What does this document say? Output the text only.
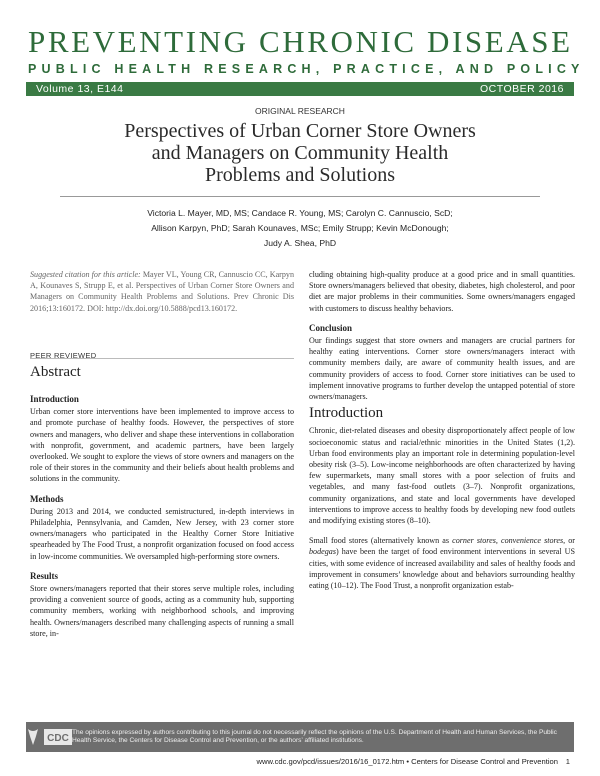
PREVENTING CHRONIC DISEASE
PUBLIC HEALTH RESEARCH, PRACTICE, AND POLICY
Volume 13, E144	OCTOBER 2016
ORIGINAL RESEARCH
Perspectives of Urban Corner Store Owners
and Managers on Community Health
Problems and Solutions
Victoria L. Mayer, MD, MS; Candace R. Young, MS; Carolyn C. Cannuscio, ScD;
Allison Karpyn, PhD; Sarah Kounaves, MSc; Emily Strupp; Kevin McDonough;
Judy A. Shea, PhD
Suggested citation for this article: Mayer VL, Young CR, Cannuscio CC, Karpyn A, Kounaves S, Strupp E, et al. Perspectives of Urban Corner Store Owners and Managers on Community Health Problems and Solutions. Prev Chronic Dis 2016;13:160172. DOI: http://dx.doi.org/10.5888/pcd13.160172.
PEER REVIEWED
Abstract
Introduction

Urban corner store interventions have been implemented to improve access to and promote purchase of healthy foods. However, the perspectives of store owners and managers, who deliver and shape these interventions in collaboration with nonprofit, government, and academic partners, have been largely overlooked. We sought to explore the views of store owners and managers on the role of their stores in the community and their beliefs about health problems and solutions in the community.

Methods

During 2013 and 2014, we conducted semistructured, in-depth interviews in Philadelphia, Pennsylvania, and Camden, New Jersey, with 23 corner store owners/managers who participated in the Healthy Corner Store Initiative spearheaded by The Food Trust, a nonprofit organization focused on food access in low-income communities. We oversampled high-performing store owners.

Results

Store owners/managers reported that their stores serve multiple roles, including providing a convenient source of goods, acting as a community hub, supporting community members, working with neighborhood schools, and improving health. Owners/managers described many challenging aspects of running a small store, in-

cluding obtaining high-quality produce at a good price and in small quantities. Store owners/managers believed that obesity, diabetes, high cholesterol, and poor diet are major problems in their communities. Some owners/managers engaged with customers to discuss healthy behaviors.

Conclusion

Our findings suggest that store owners and managers are crucial partners for healthy eating interventions. Corner store owners/managers interact with community members daily, are aware of community health issues, and are community providers of access to food. Corner store initiatives can be used to implement innovative programs to further develop the untapped potential of store owners/managers.

Introduction

Chronic, diet-related diseases and obesity disproportionately affect people of low socioeconomic status and racial/ethnic minorities in the United States (1,2). Urban food environments play an important role in determining population-level obesity risk (3–5). Low-income neighborhoods are often characterized by having few supermarkets, many small stores with a poor selection of fruits and vegetables, and many fast-food outlets (3–7). Nonprofit organizations, community organizations, and state and local governments have developed interventions to improve access to healthy foods by developing new food outlets and modifying existing stores (8–10).

Small food stores (alternatively known as corner stores, convenience stores, or bodegas) have been the target of food environment interventions in several US cities, with some evidence of increased availability and sales of healthy foods and improvement in consumers’ knowledge about and behaviors surrounding healthy eating (10–12). The Food Trust, a nonprofit organization estab-

CDC
The opinions expressed by authors contributing to this journal do not necessarily reflect the opinions of the U.S. Department of Health and Human Services, the Public Health Service, the Centers for Disease Control and Prevention, or the authors’ affiliated institutions.
www.cdc.gov/pcd/issues/2016/16_0172.htm • Centers for Disease Control and Prevention 1
